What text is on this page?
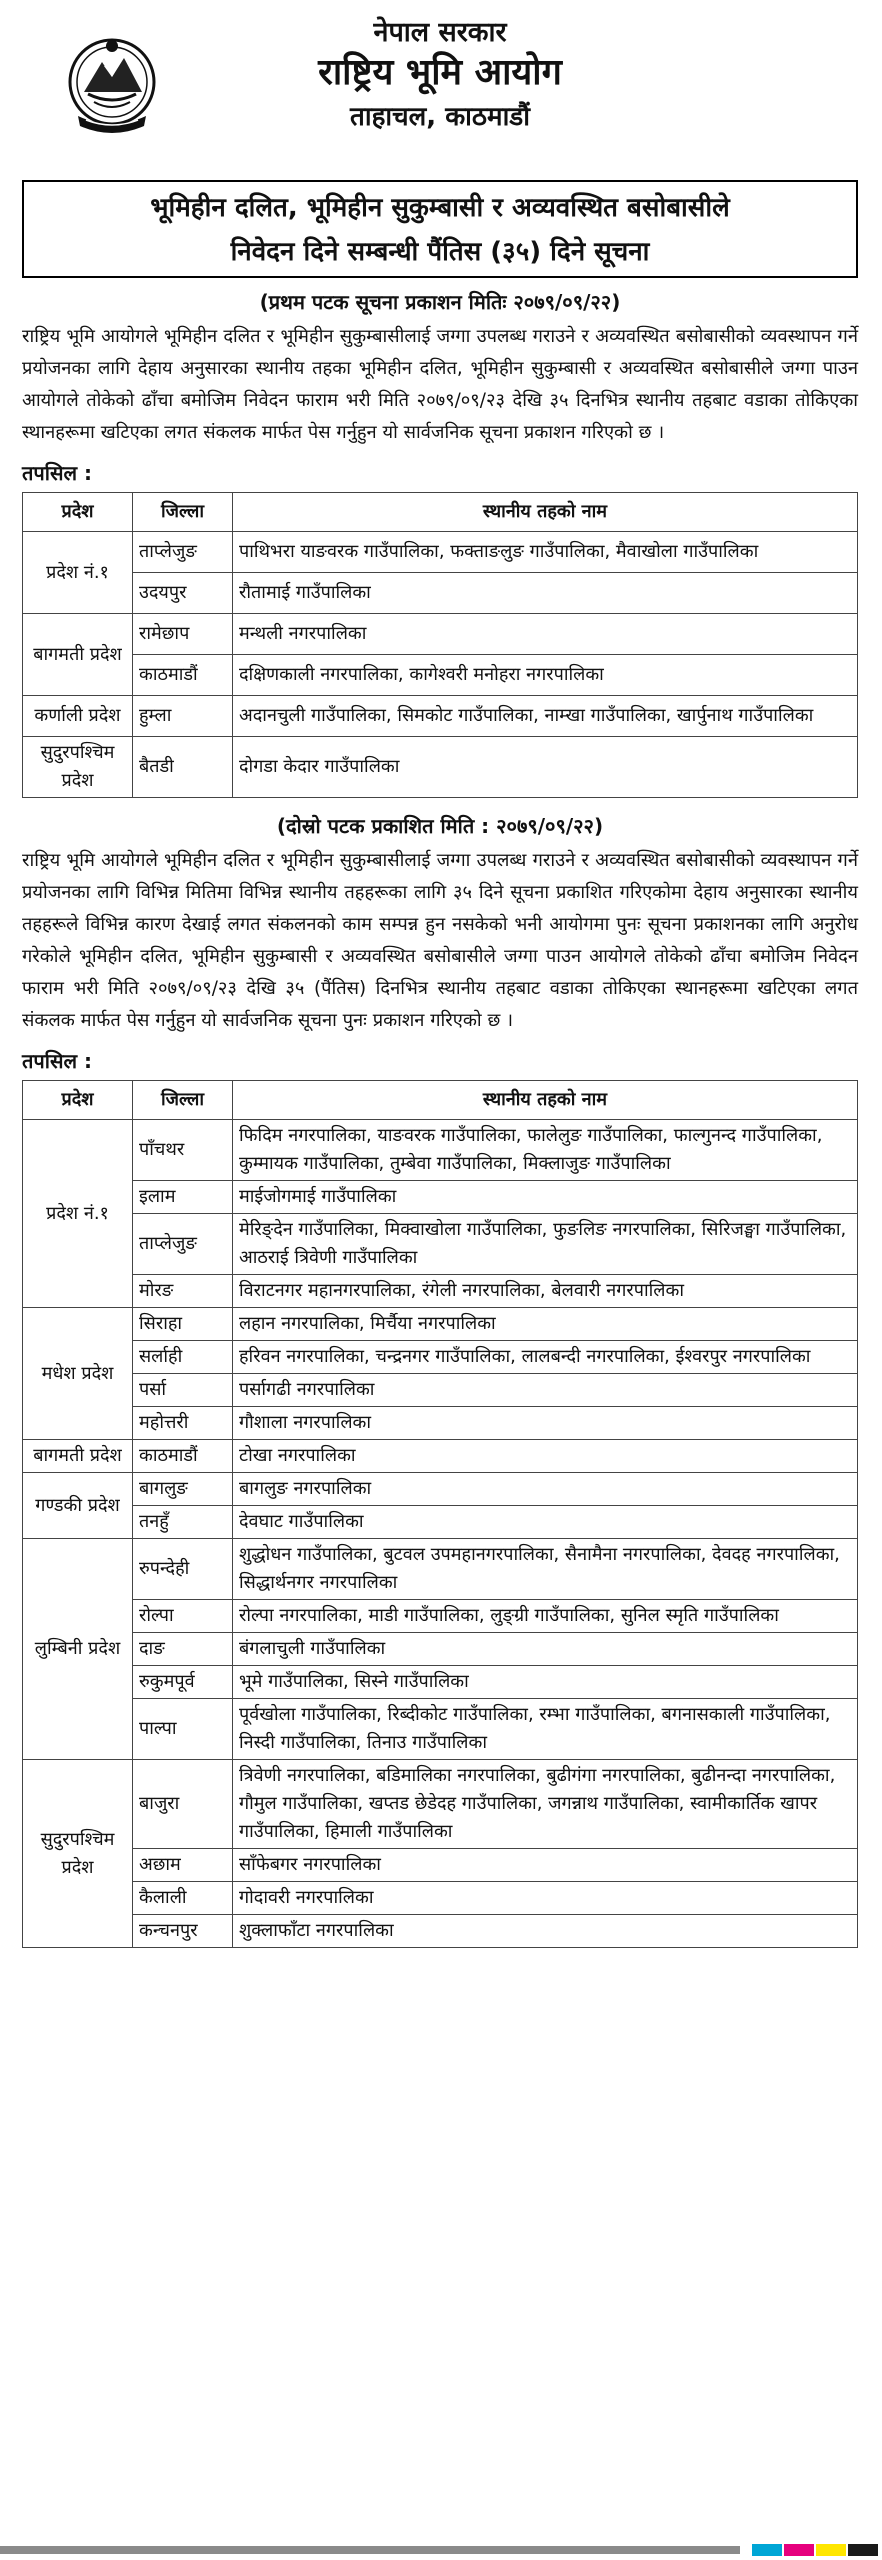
नेपाल सरकार
राष्ट्रिय भूमि आयोग
ताहाचल, काठमाडौं
भूमिहीन दलित, भूमिहीन सुकुम्बासी र अव्यवस्थित बसोबासीले
निवेदन दिने सम्बन्धी पैंतिस (३५) दिने सूचना
(प्रथम पटक सूचना प्रकाशन मितिः २०७९/०९/२२)

राष्ट्रिय भूमि आयोगले भूमिहीन दलित र भूमिहीन सुकुम्बासीलाई जग्गा उपलब्ध गराउने र अव्यवस्थित बसोबासीको व्यवस्थापन गर्ने प्रयोजनका लागि देहाय अनुसारका स्थानीय तहका भूमिहीन दलित, भूमिहीन सुकुम्बासी र अव्यवस्थित बसोबासीले जग्गा पाउन आयोगले तोकेको ढाँचा बमोजिम निवेदन फाराम भरी मिति २०७९/०९/२३ देखि ३५ दिनभित्र स्थानीय तहबाट वडाका तोकिएका स्थानहरूमा खटिएका लगत संकलक मार्फत पेस गर्नुहुन यो सार्वजनिक सूचना प्रकाशन गरिएको छ ।

तपसिल :
प्रदेश	जिल्ला	स्थानीय तहको नाम
प्रदेश नं.१	ताप्लेजुङ	पाथिभरा याङवरक गाउँपालिका, फक्ताङलुङ गाउँपालिका, मैवाखोला गाउँपालिका
	उदयपुर	रौतामाई गाउँपालिका
बागमती प्रदेश	रामेछाप	मन्थली नगरपालिका
	काठमाडौं	दक्षिणकाली नगरपालिका, कागेश्वरी मनोहरा नगरपालिका
कर्णाली प्रदेश	हुम्ला	अदानचुली गाउँपालिका, सिमकोट गाउँपालिका, नाम्खा गाउँपालिका, खार्पुनाथ गाउँपालिका
सुदुरपश्चिम प्रदेश	बैतडी	दोगडा केदार गाउँपालिका
(दोस्रो पटक प्रकाशित मिति : २०७९/०९/२२)

राष्ट्रिय भूमि आयोगले भूमिहीन दलित र भूमिहीन सुकुम्बासीलाई जग्गा उपलब्ध गराउने र अव्यवस्थित बसोबासीको व्यवस्थापन गर्ने प्रयोजनका लागि विभिन्न मितिमा विभिन्न स्थानीय तहहरूका लागि ३५ दिने सूचना प्रकाशित गरिएकोमा देहाय अनुसारका स्थानीय तहहरूले विभिन्न कारण देखाई लगत संकलनको काम सम्पन्न हुन नसकेको भनी आयोगमा पुनः सूचना प्रकाशनका लागि अनुरोध गरेकोले भूमिहीन दलित, भूमिहीन सुकुम्बासी र अव्यवस्थित बसोबासीले जग्गा पाउन आयोगले तोकेको ढाँचा बमोजिम निवेदन फाराम भरी मिति २०७९/०९/२३ देखि ३५ (पैंतिस) दिनभित्र स्थानीय तहबाट वडाका तोकिएका स्थानहरूमा खटिएका लगत संकलक मार्फत पेस गर्नुहुन यो सार्वजनिक सूचना पुनः प्रकाशन गरिएको छ ।

तपसिल :
प्रदेश	जिल्ला	स्थानीय तहको नाम
प्रदेश नं.१	पाँचथर	फिदिम नगरपालिका, याङवरक गाउँपालिका, फालेलुङ गाउँपालिका, फाल्गुनन्द गाउँपालिका, कुम्मायक गाउँपालिका, तुम्बेवा गाउँपालिका, मिक्लाजुङ गाउँपालिका
	इलाम	माईजोगमाई गाउँपालिका
	ताप्लेजुङ	मेरिङ्देन गाउँपालिका, मिक्वाखोला गाउँपालिका, फुङलिङ नगरपालिका, सिरिजङ्घा गाउँपालिका, आठराई त्रिवेणी गाउँपालिका
	मोरङ	विराटनगर महानगरपालिका, रंगेली नगरपालिका, बेलवारी नगरपालिका
मधेश प्रदेश	सिराहा	लहान नगरपालिका, मिर्चैया नगरपालिका
	सर्लाही	हरिवन नगरपालिका, चन्द्रनगर गाउँपालिका, लालबन्दी नगरपालिका, ईश्वरपुर नगरपालिका
	पर्सा	पर्सागढी नगरपालिका
	महोत्तरी	गौशाला नगरपालिका
बागमती प्रदेश	काठमाडौं	टोखा नगरपालिका
गण्डकी प्रदेश	बागलुङ	बागलुङ नगरपालिका
	तनहुँ	देवघाट गाउँपालिका
लुम्बिनी प्रदेश	रुपन्देही	शुद्धोधन गाउँपालिका, बुटवल उपमहानगरपालिका, सैनामैना नगरपालिका, देवदह नगरपालिका, सिद्धार्थनगर नगरपालिका
	रोल्पा	रोल्पा नगरपालिका, माडी गाउँपालिका, लुङ्ग्री गाउँपालिका, सुनिल स्मृति गाउँपालिका
	दाङ	बंगलाचुली गाउँपालिका
	रुकुमपूर्व	भूमे गाउँपालिका, सिस्ने गाउँपालिका
	पाल्पा	पूर्वखोला गाउँपालिका, रिब्दीकोट गाउँपालिका, रम्भा गाउँपालिका, बगनासकाली गाउँपालिका, निस्दी गाउँपालिका, तिनाउ गाउँपालिका
सुदुरपश्चिम प्रदेश	बाजुरा	त्रिवेणी नगरपालिका, बडिमालिका नगरपालिका, बुढीगंगा नगरपालिका, बुढीनन्दा नगरपालिका, गौमुल गाउँपालिका, खप्तड छेडेदह गाउँपालिका, जगन्नाथ गाउँपालिका, स्वामीकार्तिक खापर गाउँपालिका, हिमाली गाउँपालिका
	अछाम	साँफेबगर नगरपालिका
	कैलाली	गोदावरी नगरपालिका
	कन्चनपुर	शुक्लाफाँटा नगरपालिका
